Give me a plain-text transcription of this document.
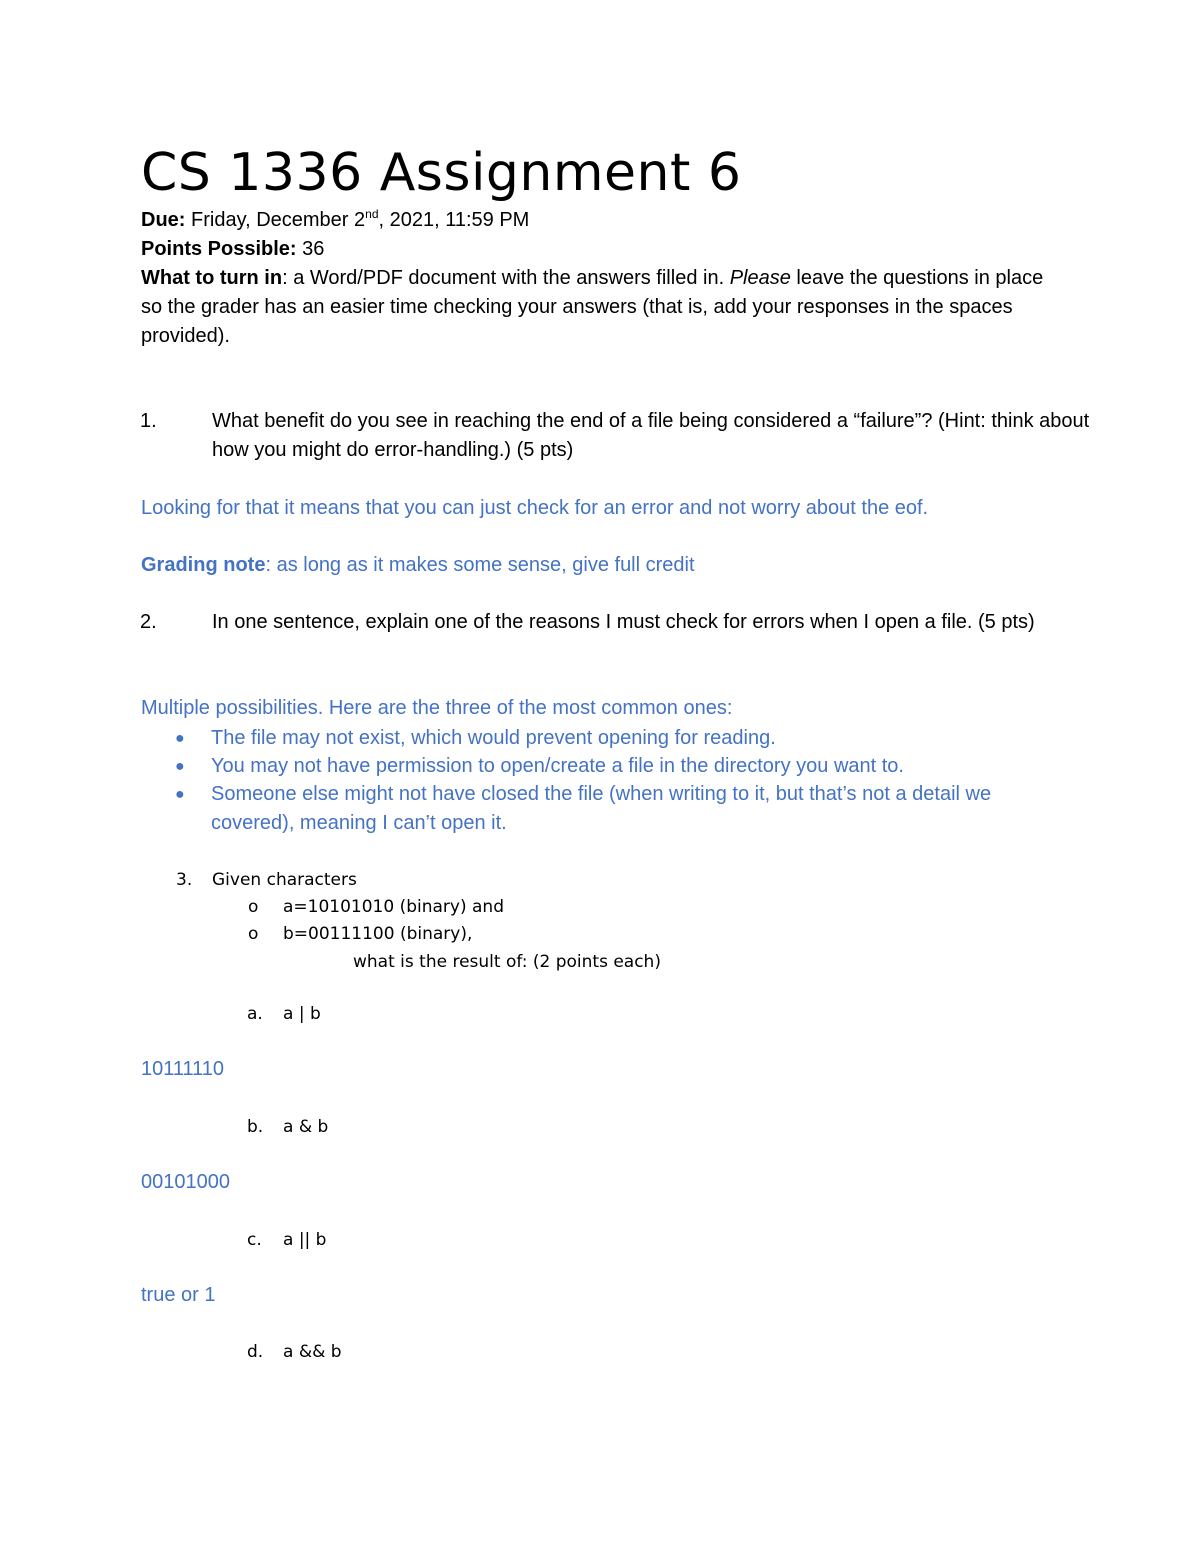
CS 1336 Assignment 6
Due: Friday, December 2nd, 2021, 11:59 PM
Points Possible: 36
What to turn in: a Word/PDF document with the answers filled in. Please leave the questions in place so the grader has an easier time checking your answers (that is, add your responses in the spaces provided).
1.	What benefit do you see in reaching the end of a file being considered a “failure”? (Hint: think about how you might do error-handling.) (5 pts)
Looking for that it means that you can just check for an error and not worry about the eof.
Grading note: as long as it makes some sense, give full credit
2.	In one sentence, explain one of the reasons I must check for errors when I open a file. (5 pts)
Multiple possibilities. Here are the three of the most common ones:
● The file may not exist, which would prevent opening for reading.
● You may not have permission to open/create a file in the directory you want to.
● Someone else might not have closed the file (when writing to it, but that’s not a detail we covered), meaning I can’t open it.
3. Given characters
o a=10101010 (binary) and
o b=00111100 (binary),
what is the result of: (2 points each)
a. a | b
10111110
b. a & b
00101000
c. a || b
true or 1
d. a && b
